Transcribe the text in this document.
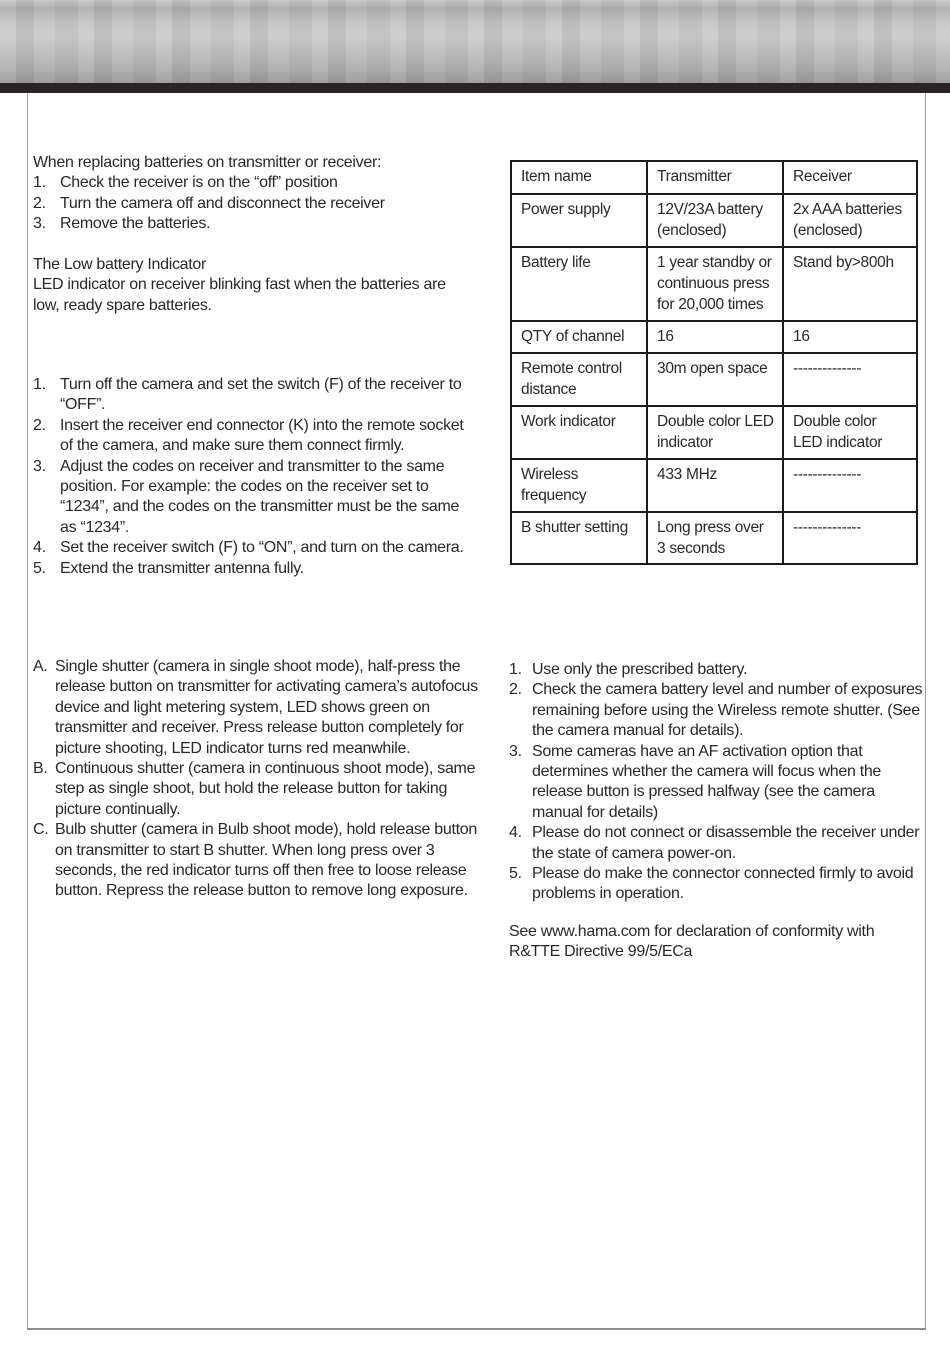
When replacing batteries on transmitter or receiver:

1. Check the receiver is on the “off” position
2. Turn the camera off and disconnect the receiver
3. Remove the batteries.

The Low battery Indicator

LED indicator on receiver blinking fast when the batteries are low, ready spare batteries.

1. Turn off the camera and set the switch (F) of the receiver to “OFF”.
2. Insert the receiver end connector (K) into the remote socket of the camera, and make sure them connect firmly.
3. Adjust the codes on receiver and transmitter to the same position. For example: the codes on the receiver set to “1234”, and the codes on the transmitter must be the same as “1234”.
4. Set the receiver switch (F) to “ON”, and turn on the camera.
5. Extend the transmitter antenna fully.
A. Single shutter (camera in single shoot mode), half-press the release button on transmitter for activating camera’s autofocus device and light metering system, LED shows green on transmitter and receiver. Press release button completely for picture shooting, LED indicator turns red meanwhile.
B. Continuous shutter (camera in continuous shoot mode), same step as single shoot, but hold the release button for taking picture continually.
C. Bulb shutter (camera in Bulb shoot mode), hold release button on transmitter to start B shutter. When long press over 3 seconds, the red indicator turns off then free to loose release button. Repress the release button to remove long exposure.
Item name	Transmitter	Receiver
Power supply	12V/23A battery (enclosed)	2x AAA batteries (enclosed)
Battery life	1 year standby or continuous press for 20,000 times	Stand by>800h
QTY of channel	16	16
Remote control distance	30m open space	--------------
Work indicator	Double color LED indicator	Double color LED indicator
Wireless frequency	433 MHz	--------------
B shutter setting	Long press over 3 seconds	--------------
1. Use only the prescribed battery.
2. Check the camera battery level and number of exposures remaining before using the Wireless remote shutter. (See the camera manual for details).
3. Some cameras have an AF activation option that determines whether the camera will focus when the release button is pressed halfway (see the camera manual for details)
4. Please do not connect or disassemble the receiver under the state of camera power-on.
5. Please do make the connector connected firmly to avoid problems in operation.

See www.hama.com for declaration of conformity with R&TTE Directive 99/5/ECa
